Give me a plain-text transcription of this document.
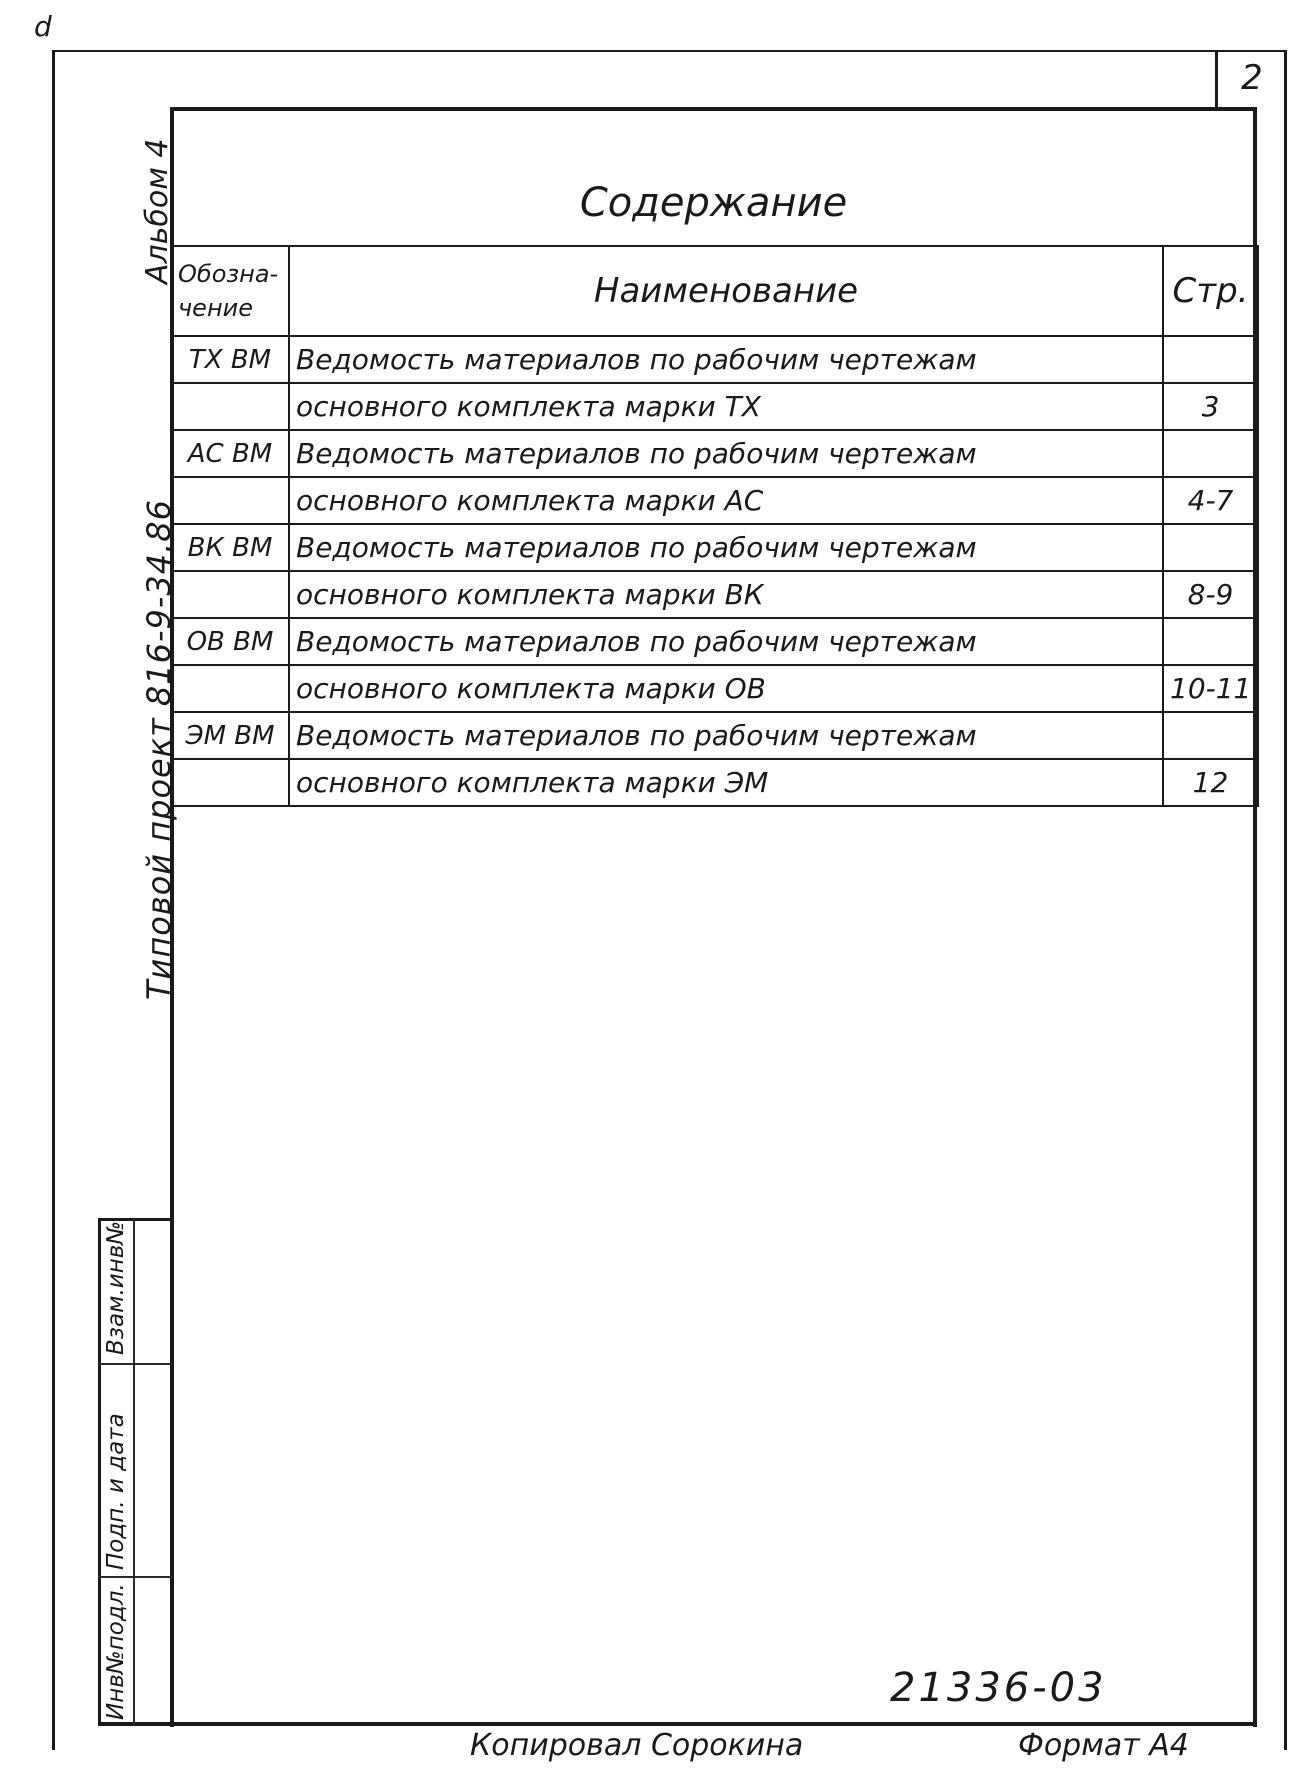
2
d
Альбом 4
Типовой проект 816-9-34.86
Взам.инв№
Подп. и дата
Инв№подл.
Содержание
Обозна-
чение	Наименование	Стр.
ТХ ВМ	Ведомость материалов по рабочим чертежам	
	основного комплекта марки ТХ	3
АС ВМ	Ведомость материалов по рабочим чертежам	
	основного комплекта марки АС	4-7
ВК ВМ	Ведомость материалов по рабочим чертежам	
	основного комплекта марки ВК	8-9
ОВ ВМ	Ведомость материалов по рабочим чертежам	
	основного комплекта марки ОВ	10-11
ЭМ ВМ	Ведомость материалов по рабочим чертежам	
	основного комплекта марки ЭМ	12
21336-03
Копировал Сорокина	Формат А4
